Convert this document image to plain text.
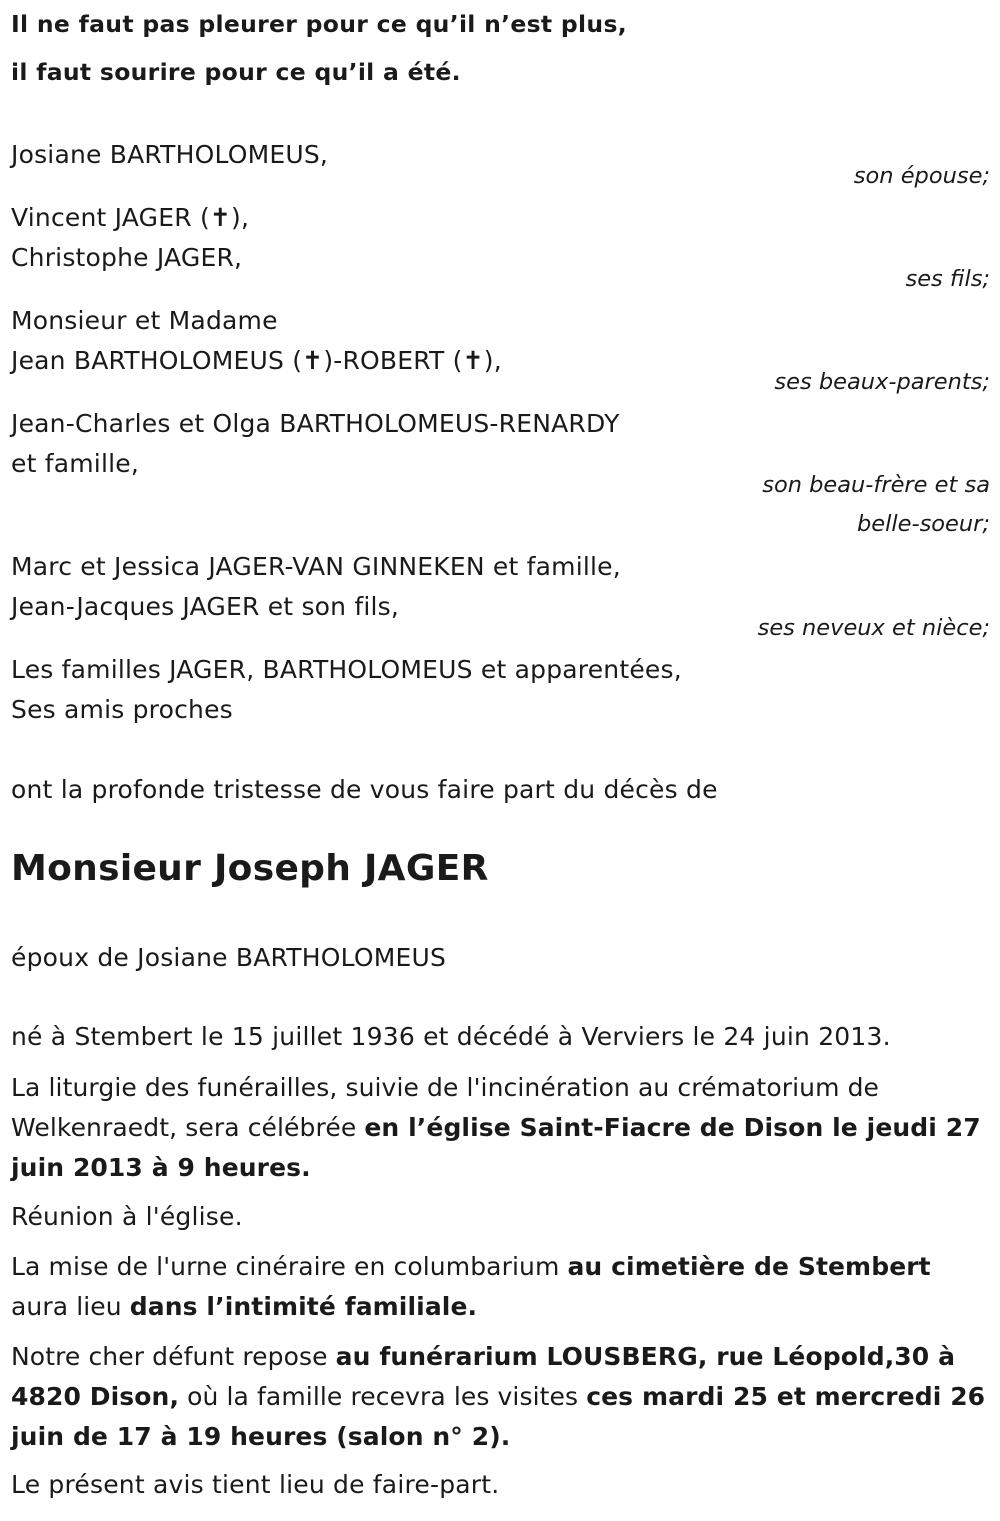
Il ne faut pas pleurer pour ce qu’il n’est plus,
il faut sourire pour ce qu’il a été.
Josiane BARTHOLOMEUS,
son épouse;
Vincent JAGER (✝),
Christophe JAGER,
ses fils;
Monsieur et Madame
Jean BARTHOLOMEUS (✝)-ROBERT (✝),
ses beaux-parents;
Jean-Charles et Olga BARTHOLOMEUS-RENARDY
et famille,
son beau-frère et sa
belle-soeur;
Marc et Jessica JAGER-VAN GINNEKEN et famille,
Jean-Jacques JAGER et son fils,
ses neveux et nièce;
Les familles JAGER, BARTHOLOMEUS et apparentées,
Ses amis proches
ont la profonde tristesse de vous faire part du décès de
Monsieur Joseph JAGER
époux de Josiane BARTHOLOMEUS
né à Stembert le 15 juillet 1936 et décédé à Verviers le 24 juin 2013.
La liturgie des funérailles, suivie de l'incinération au crématorium de Welkenraedt, sera célébrée en l’église Saint-Fiacre de Dison le jeudi 27 juin 2013 à 9 heures.
Réunion à l'église.
La mise de l'urne cinéraire en columbarium au cimetière de Stembert aura lieu dans l’intimité familiale.
Notre cher défunt repose au funérarium LOUSBERG, rue Léopold,30 à 4820 Dison, où la famille recevra les visites ces mardi 25 et mercredi 26 juin de 17 à 19 heures (salon n° 2).
Le présent avis tient lieu de faire-part.
